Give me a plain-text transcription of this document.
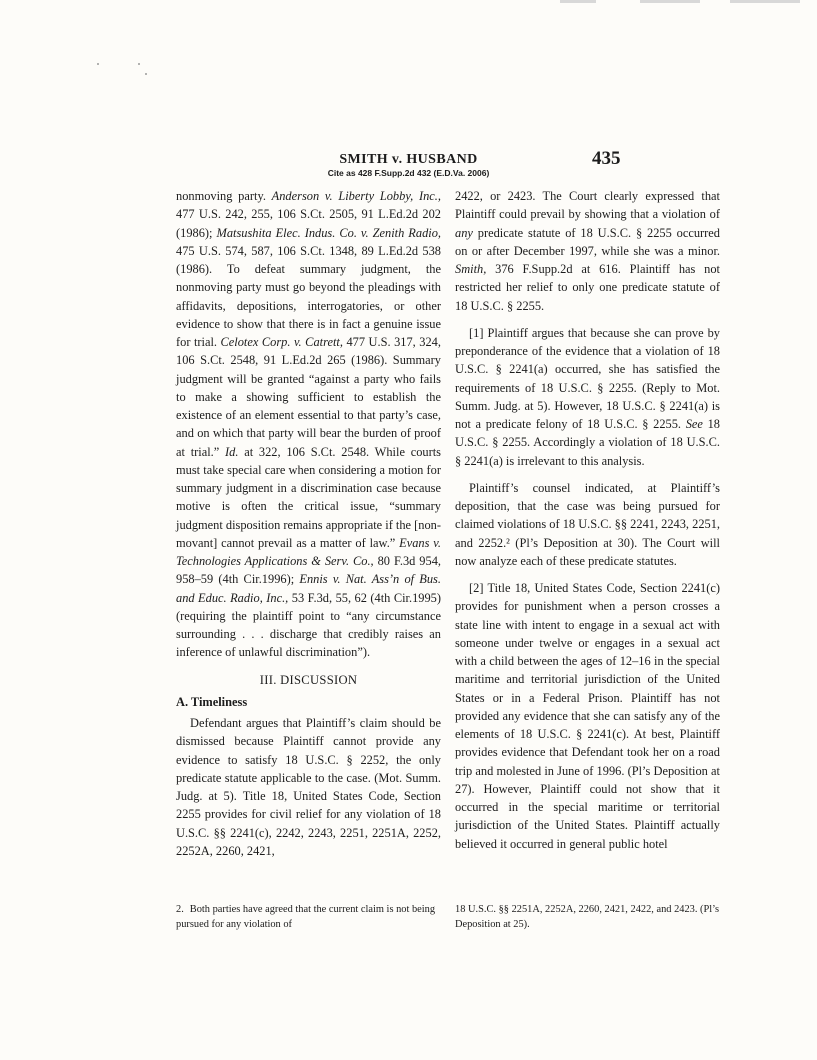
SMITH v. HUSBAND	435
Cite as 428 F.Supp.2d 432 (E.D.Va. 2006)

nonmoving party. Anderson v. Liberty Lobby, Inc., 477 U.S. 242, 255, 106 S.Ct. 2505, 91 L.Ed.2d 202 (1986); Matsushita Elec. Indus. Co. v. Zenith Radio, 475 U.S. 574, 587, 106 S.Ct. 1348, 89 L.Ed.2d 538 (1986). To defeat summary judgment, the nonmoving party must go beyond the pleadings with affidavits, depositions, interrogatories, or other evidence to show that there is in fact a genuine issue for trial. Celotex Corp. v. Catrett, 477 U.S. 317, 324, 106 S.Ct. 2548, 91 L.Ed.2d 265 (1986). Summary judgment will be granted “against a party who fails to make a showing sufficient to establish the existence of an element essential to that party’s case, and on which that party will bear the burden of proof at trial.” Id. at 322, 106 S.Ct. 2548. While courts must take special care when considering a motion for summary judgment in a discrimination case because motive is often the critical issue, “summary judgment disposition remains appropriate if the [non-movant] cannot prevail as a matter of law.” Evans v. Technologies Applications & Serv. Co., 80 F.3d 954, 958–59 (4th Cir.1996); Ennis v. Nat. Ass’n of Bus. and Educ. Radio, Inc., 53 F.3d, 55, 62 (4th Cir.1995) (requiring the plaintiff point to “any circumstance surrounding . . . discharge that credibly raises an inference of unlawful discrimination”).

III. DISCUSSION

A. Timeliness

Defendant argues that Plaintiff’s claim should be dismissed because Plaintiff cannot provide any evidence to satisfy 18 U.S.C. § 2252, the only predicate statute applicable to the case. (Mot. Summ. Judg. at 5). Title 18, United States Code, Section 2255 provides for civil relief for any violation of 18 U.S.C. §§ 2241(c), 2242, 2243, 2251, 2251A, 2252, 2252A, 2260, 2421,

2422, or 2423. The Court clearly expressed that Plaintiff could prevail by showing that a violation of any predicate statute of 18 U.S.C. § 2255 occurred on or after December 1997, while she was a minor. Smith, 376 F.Supp.2d at 616. Plaintiff has not restricted her relief to only one predicate statute of 18 U.S.C. § 2255.

[1] Plaintiff argues that because she can prove by preponderance of the evidence that a violation of 18 U.S.C. § 2241(a) occurred, she has satisfied the requirements of 18 U.S.C. § 2255. (Reply to Mot. Summ. Judg. at 5). However, 18 U.S.C. § 2241(a) is not a predicate felony of 18 U.S.C. § 2255. See 18 U.S.C. § 2255. Accordingly a violation of 18 U.S.C. § 2241(a) is irrelevant to this analysis.

Plaintiff’s counsel indicated, at Plaintiff’s deposition, that the case was being pursued for claimed violations of 18 U.S.C. §§ 2241, 2243, 2251, and 2252.² (Pl’s Deposition at 30). The Court will now analyze each of these predicate statutes.

[2] Title 18, United States Code, Section 2241(c) provides for punishment when a person crosses a state line with intent to engage in a sexual act with someone under twelve or engages in a sexual act with a child between the ages of 12–16 in the special maritime and territorial jurisdiction of the United States or in a Federal Prison. Plaintiff has not provided any evidence that she can satisfy any of the elements of 18 U.S.C. § 2241(c). At best, Plaintiff provides evidence that Defendant took her on a road trip and molested in June of 1996. (Pl’s Deposition at 27). However, Plaintiff could not show that it occurred in the special maritime or territorial jurisdiction of the United States. Plaintiff actually believed it occurred in general public hotel

2. Both parties have agreed that the current claim is not being pursued for any violation of
18 U.S.C. §§ 2251A, 2252A, 2260, 2421, 2422, and 2423. (Pl’s Deposition at 25).
